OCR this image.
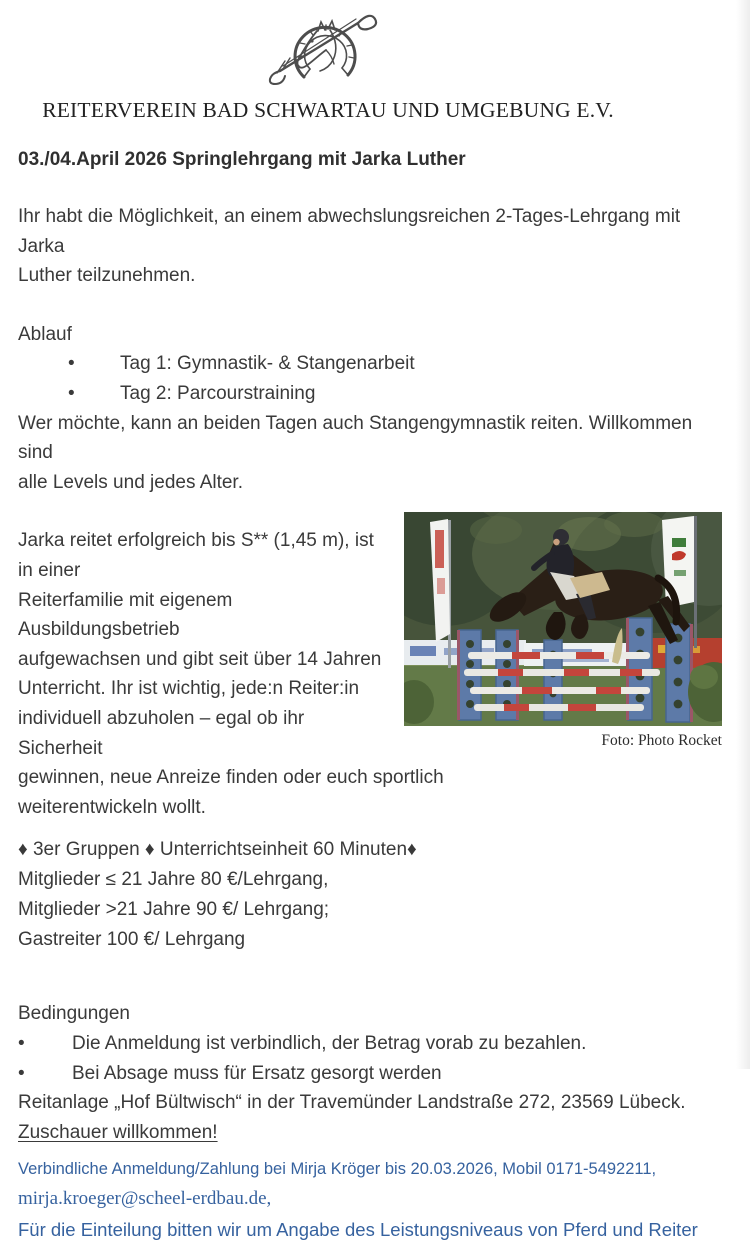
REITERVEREIN BAD SCHWARTAU UND UMGEBUNG E.V.
03./04.April 2026 Springlehrgang mit Jarka Luther
Ihr habt die Möglichkeit, an einem abwechslungsreichen 2-Tages-Lehrgang mit Jarka
Luther teilzunehmen.
Ablauf
• Tag 1: Gymnastik- & Stangenarbeit
• Tag 2: Parcourstraining
Wer möchte, kann an beiden Tagen auch Stangengymnastik reiten. Willkommen sind
alle Levels und jedes Alter.
Foto: Photo Rocket
Jarka reitet erfolgreich bis S** (1,45 m), ist in einer
Reiterfamilie mit eigenem Ausbildungsbetrieb
aufgewachsen und gibt seit über 14 Jahren
Unterricht. Ihr ist wichtig, jede:n Reiter:in
individuell abzuholen – egal ob ihr Sicherheit
gewinnen, neue Anreize finden oder euch sportlich
weiterentwickeln wollt.
♦ 3er Gruppen ♦ Unterrichtseinheit 60 Minuten♦
Mitglieder ≤ 21 Jahre 80 €/Lehrgang,
Mitglieder >21 Jahre 90 €/ Lehrgang;
Gastreiter 100 €/ Lehrgang
Bedingungen
• Die Anmeldung ist verbindlich, der Betrag vorab zu bezahlen.
• Bei Absage muss für Ersatz gesorgt werden
Reitanlage „Hof Bültwisch“ in der Travemünder Landstraße 272, 23569 Lübeck.
Zuschauer willkommen!
Verbindliche Anmeldung/Zahlung bei Mirja Kröger bis 20.03.2026, Mobil 0171-5492211,
mirja.kroeger@scheel-erdbau.de,
Für die Einteilung bitten wir um Angabe des Leistungsniveaus von Pferd und Reiter
